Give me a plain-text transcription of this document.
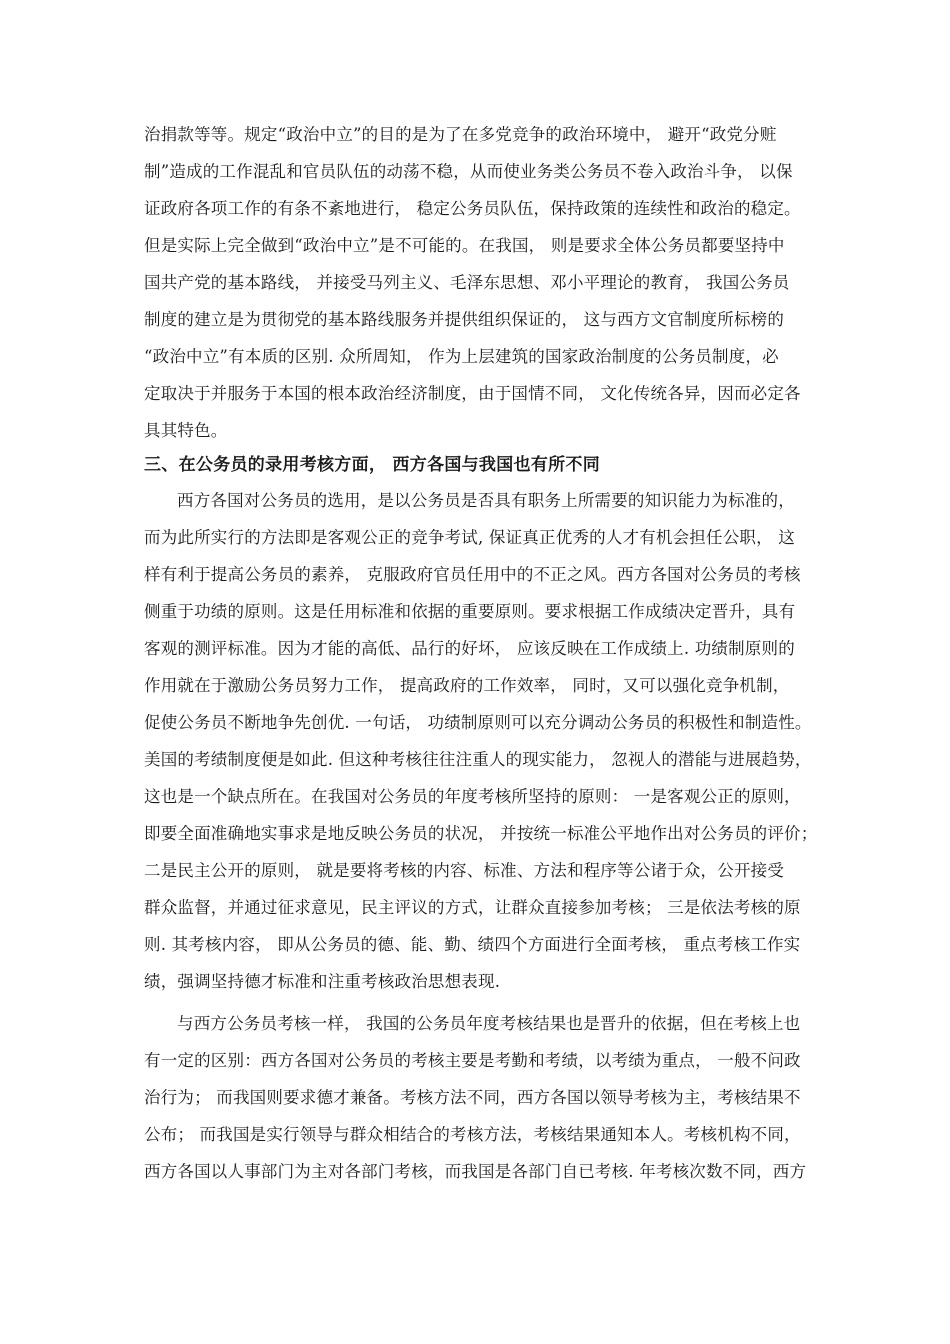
治捐款等等。规定“政治中立”的目的是为了在多党竞争的政治环境中， 避开“政党分赃
制”造成的工作混乱和官员队伍的动荡不稳，从而使业务类公务员不卷入政治斗争， 以保
证政府各项工作的有条不紊地进行， 稳定公务员队伍，保持政策的连续性和政治的稳定。
但是实际上完全做到“政治中立”是不可能的。在我国， 则是要求全体公务员都要坚持中
国共产党的基本路线， 并接受马列主义、毛泽东思想、邓小平理论的教育， 我国公务员
制度的建立是为贯彻党的基本路线服务并提供组织保证的， 这与西方文官制度所标榜的
“政治中立”有本质的区别. 众所周知， 作为上层建筑的国家政治制度的公务员制度，必
定取决于并服务于本国的根本政治经济制度，由于国情不同， 文化传统各异，因而必定各
具其特色。
三、在公务员的录用考核方面， 西方各国与我国也有所不同
西方各国对公务员的选用，是以公务员是否具有职务上所需要的知识能力为标准的，
而为此所实行的方法即是客观公正的竞争考试, 保证真正优秀的人才有机会担任公职， 这
样有利于提高公务员的素养， 克服政府官员任用中的不正之风。西方各国对公务员的考核
侧重于功绩的原则。这是任用标准和依据的重要原则。要求根据工作成绩决定晋升，具有
客观的测评标准。因为才能的高低、品行的好坏， 应该反映在工作成绩上. 功绩制原则的
作用就在于激励公务员努力工作， 提高政府的工作效率， 同时，又可以强化竞争机制，
促使公务员不断地争先创优. 一句话， 功绩制原则可以充分调动公务员的积极性和制造性。
美国的考绩制度便是如此. 但这种考核往往注重人的现实能力， 忽视人的潜能与进展趋势，
这也是一个缺点所在。在我国对公务员的年度考核所坚持的原则： 一是客观公正的原则，
即要全面准确地实事求是地反映公务员的状况， 并按统一标准公平地作出对公务员的评价；
二是民主公开的原则， 就是要将考核的内容、标准、方法和程序等公诸于众，公开接受
群众监督，并通过征求意见，民主评议的方式，让群众直接参加考核； 三是依法考核的原
则. 其考核内容， 即从公务员的德、能、勤、绩四个方面进行全面考核， 重点考核工作实
绩，强调坚持德才标准和注重考核政治思想表现.
与西方公务员考核一样， 我国的公务员年度考核结果也是晋升的依据，但在考核上也
有一定的区别：西方各国对公务员的考核主要是考勤和考绩，以考绩为重点， 一般不问政
治行为； 而我国则要求德才兼备。考核方法不同，西方各国以领导考核为主，考核结果不
公布； 而我国是实行领导与群众相结合的考核方法，考核结果通知本人。考核机构不同，
西方各国以人事部门为主对各部门考核，而我国是各部门自已考核. 年考核次数不同，西方
